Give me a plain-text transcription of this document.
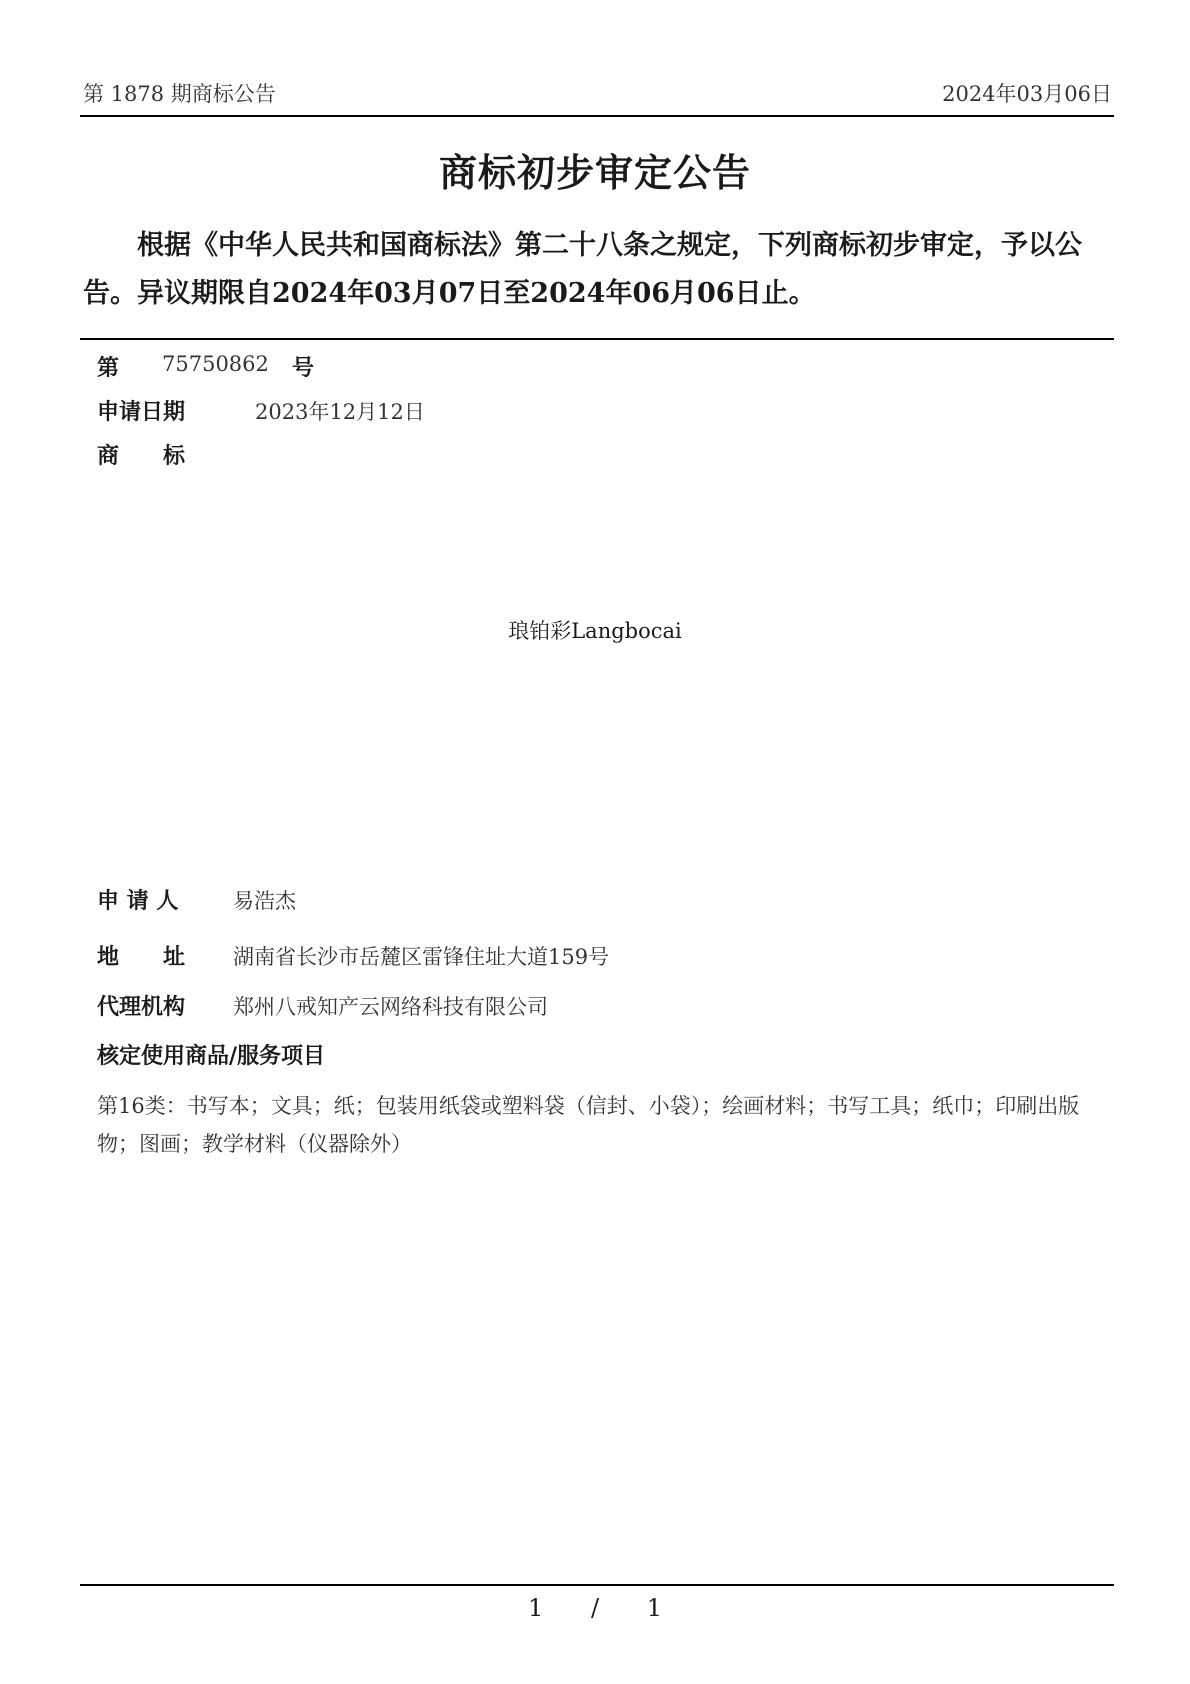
第 1878 期商标公告	2024年03月06日
商标初步审定公告
根据《中华人民共和国商标法》第二十八条之规定，下列商标初步审定，予以公告。异议期限自2024年03月07日至2024年06月06日止。
第 75750862 号
申请日期	2023年12月12日
商　　标
琅铂彩Langbocai
申 请 人	易浩杰
地　　址 湖南省长沙市岳麓区雷锋住址大道159号
代理机构 郑州八戒知产云网络科技有限公司
核定使用商品/服务项目
第16类：书写本；文具；纸；包装用纸袋或塑料袋（信封、小袋）；绘画材料；书写工具；纸巾；印刷出版物；图画；教学材料（仪器除外）
1 / 1
